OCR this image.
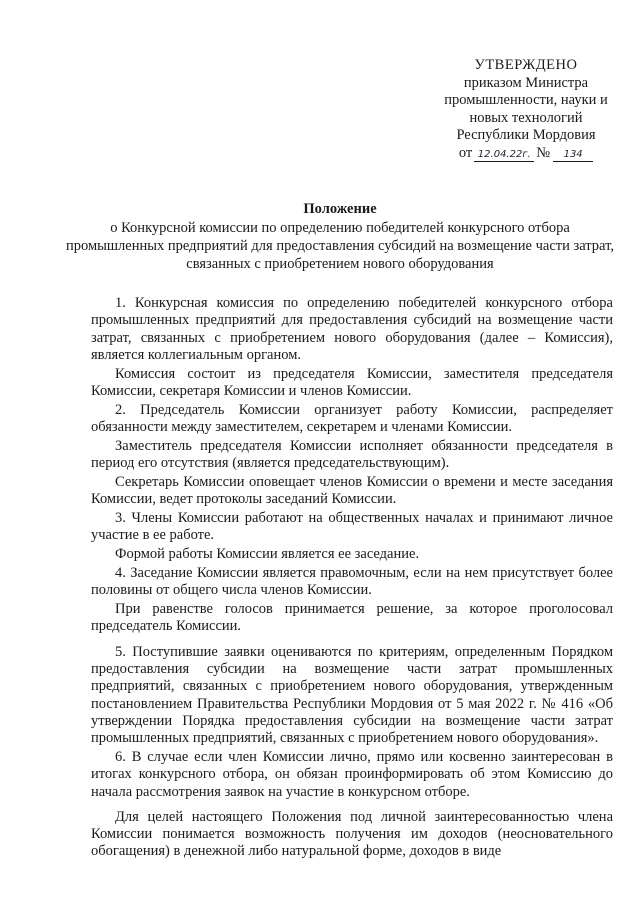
УТВЕРЖДЕНО
приказом Министра
промышленности, науки и
новых технологий
Республики Мордовия
от 12.04.22г. № 134
Положение
о Конкурсной комиссии по определению победителей конкурсного отбора промышленных предприятий для предоставления субсидий на возмещение части затрат, связанных с приобретением нового оборудования

1. Конкурсная комиссия по определению победителей конкурсного отбора промышленных предприятий для предоставления субсидий на возмещение части затрат, связанных с приобретением нового оборудования (далее – Комиссия), является коллегиальным органом.

Комиссия состоит из председателя Комиссии, заместителя председателя Комиссии, секретаря Комиссии и членов Комиссии.

2. Председатель Комиссии организует работу Комиссии, распределяет обязанности между заместителем, секретарем и членами Комиссии.

Заместитель председателя Комиссии исполняет обязанности председателя в период его отсутствия (является председательствующим).

Секретарь Комиссии оповещает членов Комиссии о времени и месте заседания Комиссии, ведет протоколы заседаний Комиссии.

3. Члены Комиссии работают на общественных началах и принимают личное участие в ее работе.

Формой работы Комиссии является ее заседание.

4. Заседание Комиссии является правомочным, если на нем присутствует более половины от общего числа членов Комиссии.

При равенстве голосов принимается решение, за которое проголосовал председатель Комиссии.

5. Поступившие заявки оцениваются по критериям, определенным Порядком предоставления субсидии на возмещение части затрат промышленных предприятий, связанных с приобретением нового оборудования, утвержденным постановлением Правительства Республики Мордовия от 5 мая 2022 г. № 416 «Об утверждении Порядка предоставления субсидии на возмещение части затрат промышленных предприятий, связанных с приобретением нового оборудования».

6. В случае если член Комиссии лично, прямо или косвенно заинтересован в итогах конкурсного отбора, он обязан проинформировать об этом Комиссию до начала рассмотрения заявок на участие в конкурсном отборе.

Для целей настоящего Положения под личной заинтересованностью члена Комиссии понимается возможность получения им доходов (неосновательного обогащения) в денежной либо натуральной форме, доходов в виде
